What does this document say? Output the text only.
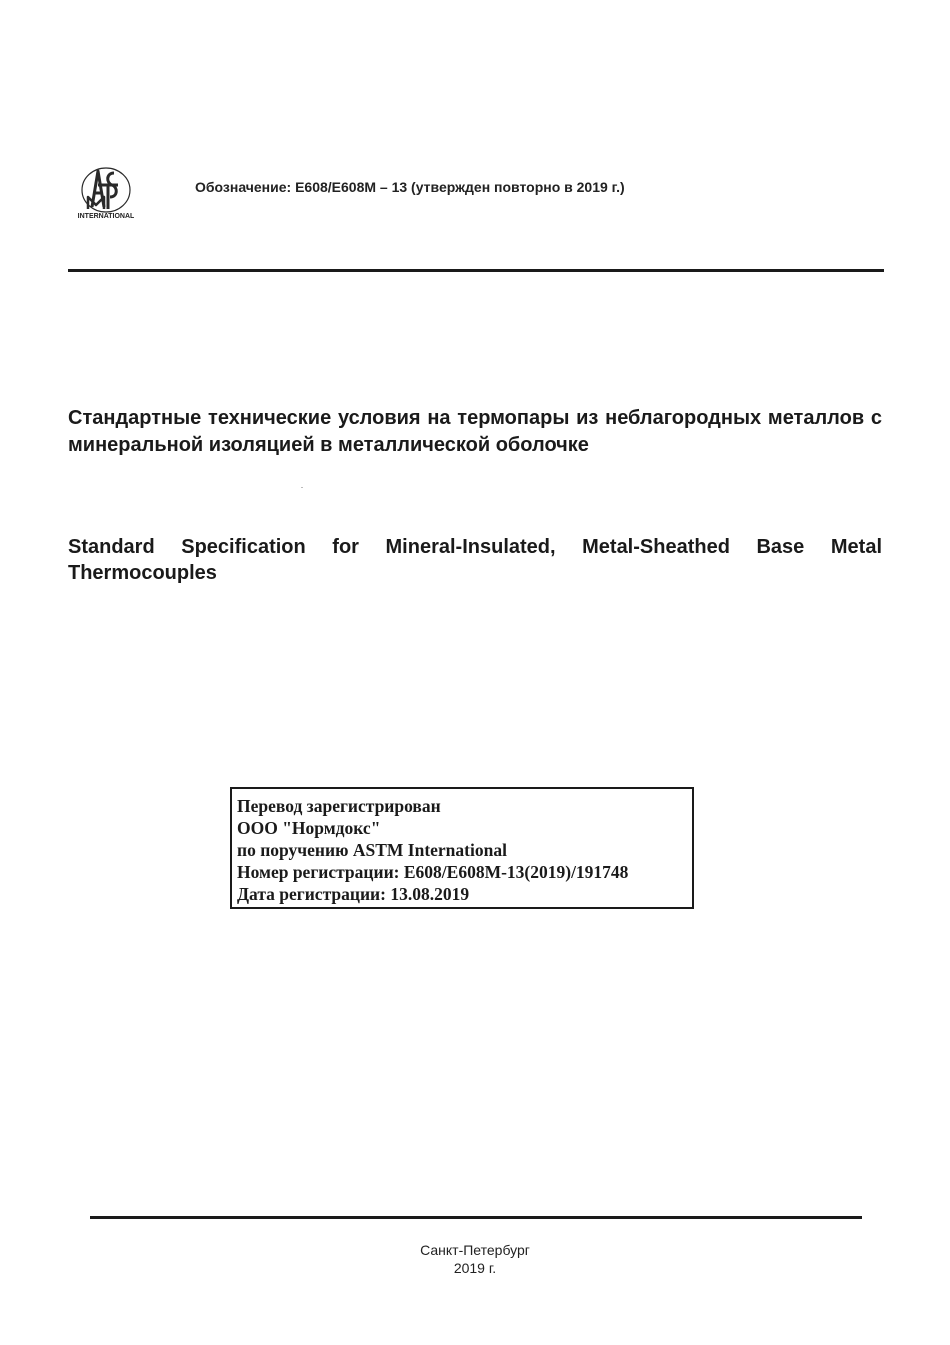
INTERNATIONAL
Обозначение: E608/E608M – 13 (утвержден повторно в 2019 г.)
Стандартные технические условия на термопары из неблагородных металлов с минеральной изоляцией в металлической оболочке
Standard Specification for Mineral-Insulated, Metal-Sheathed Base Metal Thermocouples
Перевод зарегистрирован
ООО "Нормдокс"
по поручению ASTM International
Номер регистрации: E608/E608M-13(2019)/191748
Дата регистрации: 13.08.2019
Санкт-Петербург
2019 г.
